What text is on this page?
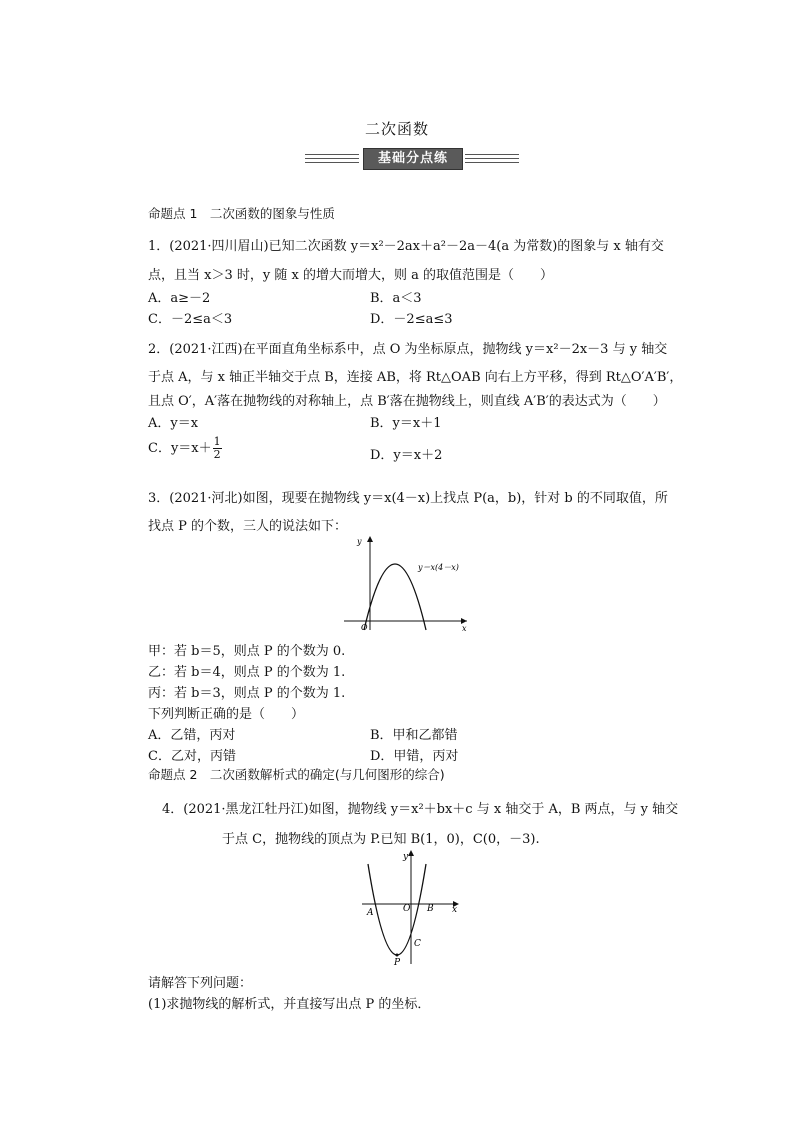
二次函数
基础分点练
命题点 1　二次函数的图象与性质
1．(2021·四川眉山)已知二次函数 y＝x²－2ax＋a²－2a－4(a 为常数)的图象与 x 轴有交
点，且当 x＞3 时，y 随 x 的增大而增大，则 a 的取值范围是（　　）
A．a≥－2	B．a＜3
C．－2≤a＜3	D．－2≤a≤3
2．(2021·江西)在平面直角坐标系中，点 O 为坐标原点，抛物线 y＝x²－2x－3 与 y 轴交
于点 A，与 x 轴正半轴交于点 B，连接 AB，将 Rt△OAB 向右上方平移，得到 Rt△O′A′B′，
且点 O′，A′落在抛物线的对称轴上，点 B′落在抛物线上，则直线 A′B′的表达式为（　　）
A．y＝x	B．y＝x＋1
C．$y=x+ \frac{1}{2}$	D．y＝x＋2
3．(2021·河北)如图，现要在抛物线 y＝x(4－x)上找点 P(a，b)，针对 b 的不同取值，所
找点 P 的个数，三人的说法如下：
y＝x(4－x)
x
y
O
甲：若 b＝5，则点 P 的个数为 0.
乙：若 b＝4，则点 P 的个数为 1.
丙：若 b＝3，则点 P 的个数为 1.
下列判断正确的是（　　）
A．乙错，丙对	B．甲和乙都错
C．乙对，丙错	D．甲错，丙对
命题点 2　二次函数解析式的确定(与几何图形的综合)
4．(2021·黑龙江牡丹江)如图，抛物线 y＝x²＋bx＋c 与 x 轴交于 A，B 两点，与 y 轴交
于点 C，抛物线的顶点为 P.已知 B(1，0)，C(0，－3).
A	O B
C
P
x
y
请解答下列问题：
(1)求抛物线的解析式，并直接写出点 P 的坐标．
